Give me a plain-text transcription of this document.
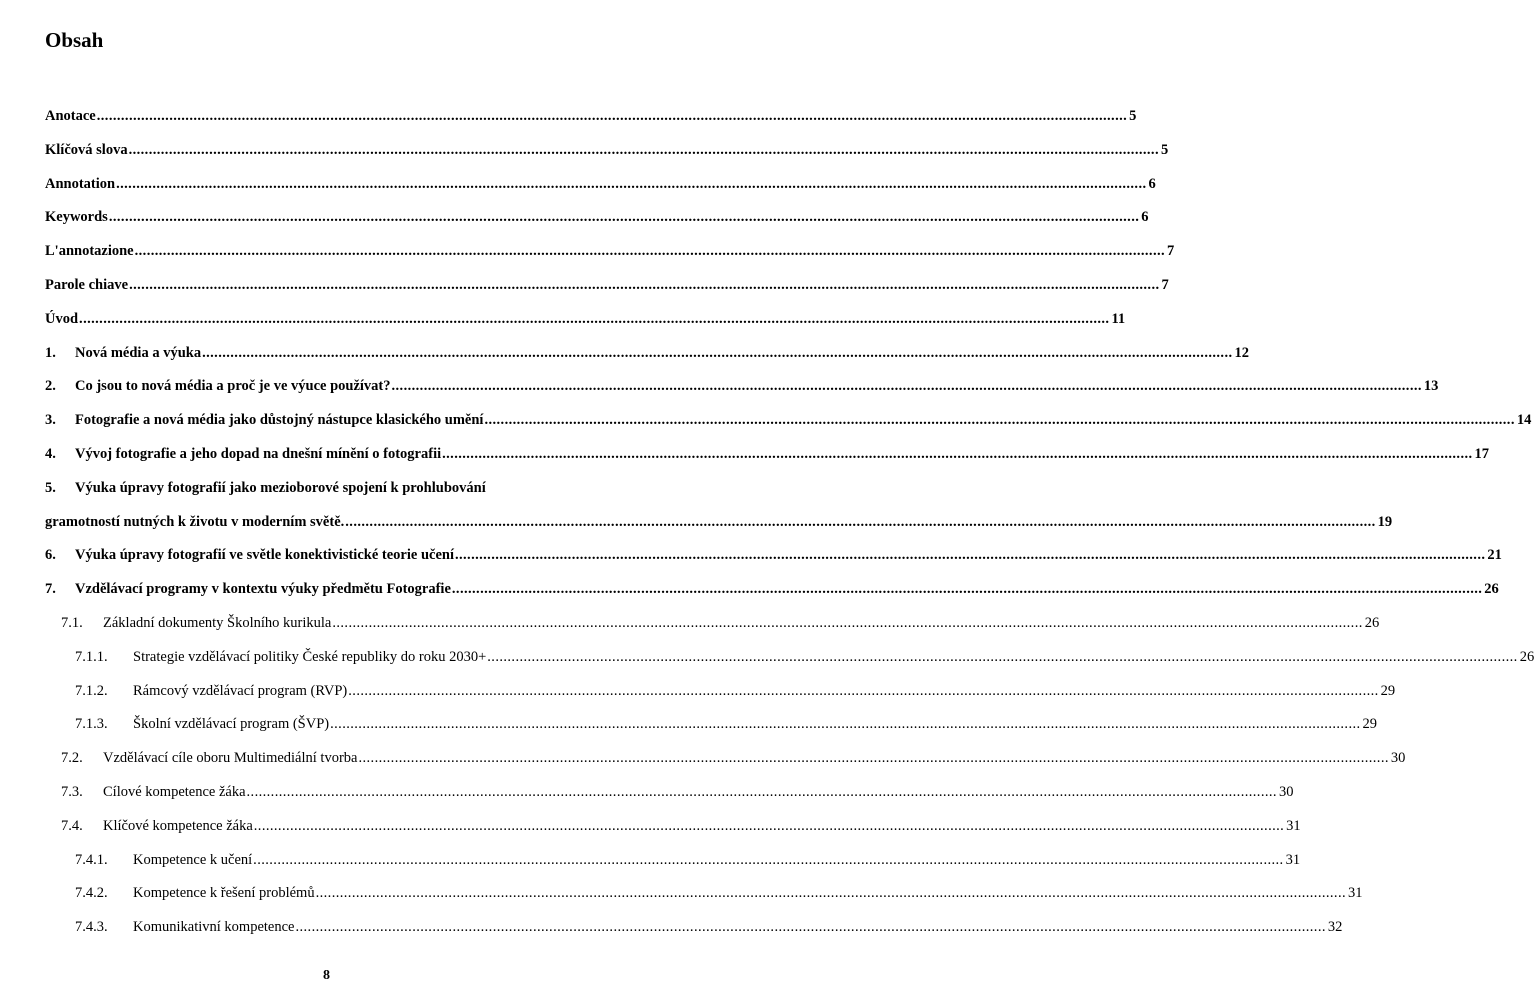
Obsah
Anotace .....	5
Klíčová slova .....	5
Annotation .....	6
Keywords .....	6
L'annotazione .....	7
Parole chiave .....	7
Úvod .....	11
1.	Nová média a výuka .....	12
2.	Co jsou to nová média a proč je ve výuce používat? .....	13
3.	Fotografie a nová média jako důstojný nástupce klasického umění .....	14
4.	Vývoj fotografie a jeho dopad na dnešní mínění o fotografii .....	17
5. Výuka úpravy fotografií jako mezioborové spojení k prohlubování
gramotností nutných k životu v moderním světě. .....	19
6.	Výuka úpravy fotografií ve světle konektivistické teorie učení .....	21
7.	Vzdělávací programy v kontextu výuky předmětu Fotografie .....	26
7.1.	Základní dokumenty Školního kurikula .....	26
7.1.1.	Strategie vzdělávací politiky České republiky do roku 2030+ .....	26
7.1.2.	Rámcový vzdělávací program (RVP) .....	29
7.1.3.	Školní vzdělávací program (ŠVP) .....	29
7.2.	Vzdělávací cíle oboru Multimediální tvorba .....	30
7.3.	Cílové kompetence žáka .....	30
7.4.	Klíčové kompetence žáka .....	31
7.4.1.	Kompetence k učení .....	31
7.4.2.	Kompetence k řešení problémů .....	31
7.4.3.	Komunikativní kompetence .....	32
8
